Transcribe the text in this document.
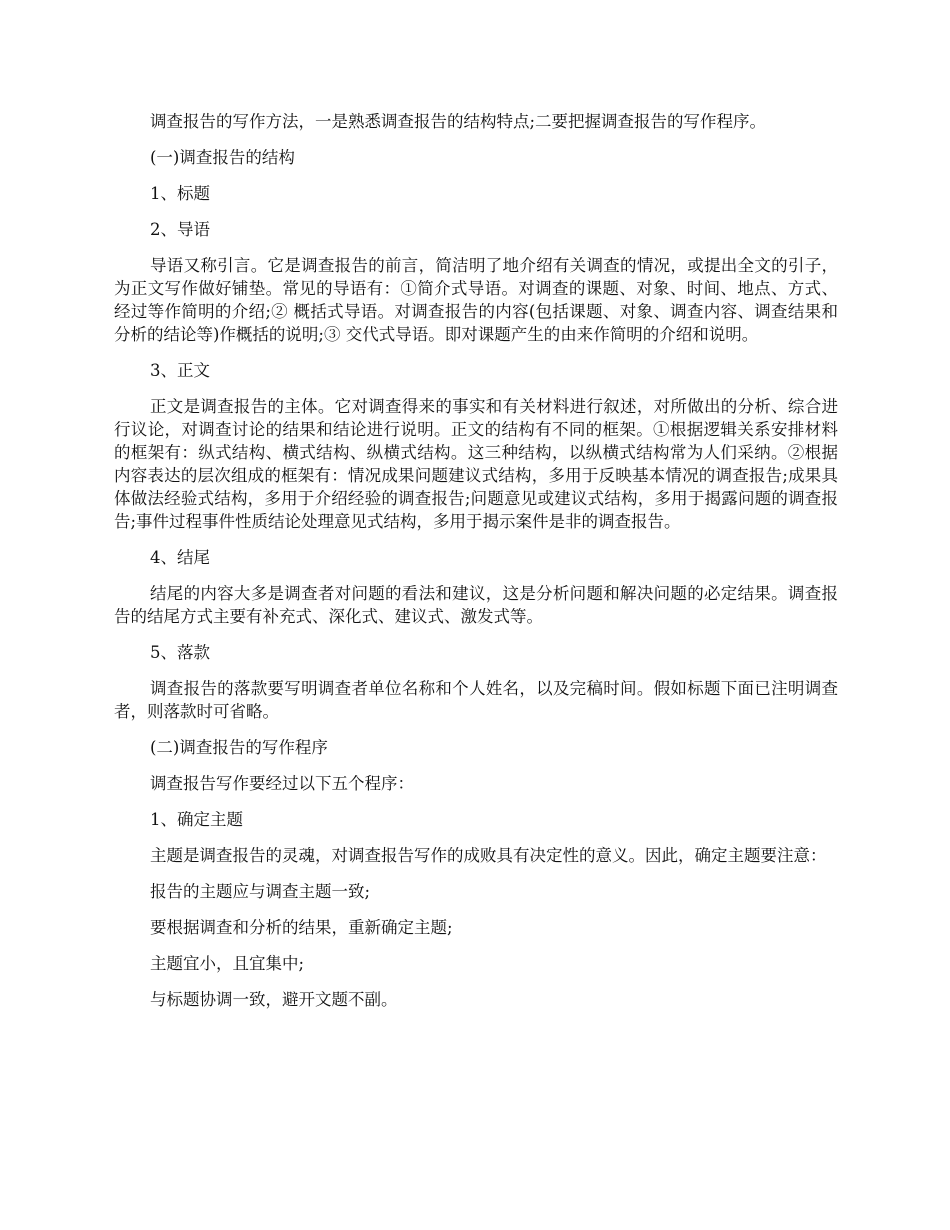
调查报告的写作方法，一是熟悉调查报告的结构特点;二要把握调查报告的写作程序。

(一)调查报告的结构

1、标题

2、导语

导语又称引言。它是调查报告的前言，简洁明了地介绍有关调查的情况，或提出全文的引子，为正文写作做好铺垫。常见的导语有：①简介式导语。对调查的课题、对象、时间、地点、方式、经过等作简明的介绍;② 概括式导语。对调查报告的内容(包括课题、对象、调查内容、调查结果和分析的结论等)作概括的说明;③ 交代式导语。即对课题产生的由来作简明的介绍和说明。

3、正文

正文是调查报告的主体。它对调查得来的事实和有关材料进行叙述，对所做出的分析、综合进行议论，对调查讨论的结果和结论进行说明。正文的结构有不同的框架。①根据逻辑关系安排材料的框架有：纵式结构、横式结构、纵横式结构。这三种结构，以纵横式结构常为人们采纳。②根据内容表达的层次组成的框架有：情况成果问题建议式结构，多用于反映基本情况的调查报告;成果具体做法经验式结构，多用于介绍经验的调查报告;问题意见或建议式结构，多用于揭露问题的调查报告;事件过程事件性质结论处理意见式结构，多用于揭示案件是非的调查报告。

4、结尾

结尾的内容大多是调查者对问题的看法和建议，这是分析问题和解决问题的必定结果。调查报告的结尾方式主要有补充式、深化式、建议式、激发式等。

5、落款

调查报告的落款要写明调查者单位名称和个人姓名，以及完稿时间。假如标题下面已注明调查者，则落款时可省略。

(二)调查报告的写作程序

调查报告写作要经过以下五个程序：

1、确定主题

主题是调查报告的灵魂，对调查报告写作的成败具有决定性的意义。因此，确定主题要注意：

报告的主题应与调查主题一致;

要根据调查和分析的结果，重新确定主题;

主题宜小，且宜集中;

与标题协调一致，避开文题不副。
